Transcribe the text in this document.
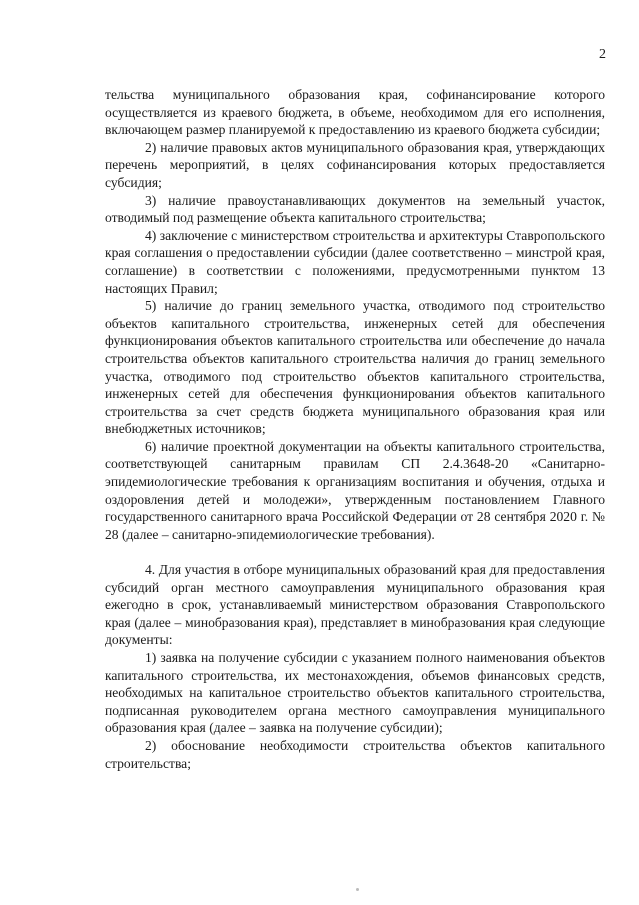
2

тельства муниципального образования края, софинансирование которого осуществляется из краевого бюджета, в объеме, необходимом для его исполнения, включающем размер планируемой к предоставлению из краевого бюджета субсидии;

2) наличие правовых актов муниципального образования края, утверждающих перечень мероприятий, в целях софинансирования которых предоставляется субсидия;

3) наличие правоустанавливающих документов на земельный участок, отводимый под размещение объекта капитального строительства;

4) заключение с министерством строительства и архитектуры Ставропольского края соглашения о предоставлении субсидии (далее соответственно – минстрой края, соглашение) в соответствии с положениями, предусмотренными пунктом 13 настоящих Правил;

5) наличие до границ земельного участка, отводимого под строительство объектов капитального строительства, инженерных сетей для обеспечения функционирования объектов капитального строительства или обеспечение до начала строительства объектов капитального строительства наличия до границ земельного участка, отводимого под строительство объектов капитального строительства, инженерных сетей для обеспечения функционирования объектов капитального строительства за счет средств бюджета муниципального образования края или внебюджетных источников;

6) наличие проектной документации на объекты капитального строительства, соответствующей санитарным правилам СП 2.4.3648-20 «Санитарно-эпидемиологические требования к организациям воспитания и обучения, отдыха и оздоровления детей и молодежи», утвержденным постановлением Главного государственного санитарного врача Российской Федерации от 28 сентября 2020 г. № 28 (далее – санитарно-эпидемиологические требования).

4. Для участия в отборе муниципальных образований края для предоставления субсидий орган местного самоуправления муниципального образования края ежегодно в срок, устанавливаемый министерством образования Ставропольского края (далее – минобразования края), представляет в минобразования края следующие документы:

1) заявка на получение субсидии с указанием полного наименования объектов капитального строительства, их местонахождения, объемов финансовых средств, необходимых на капитальное строительство объектов капитального строительства, подписанная руководителем органа местного самоуправления муниципального образования края (далее – заявка на получение субсидии);

2) обоснование необходимости строительства объектов капитального строительства;
